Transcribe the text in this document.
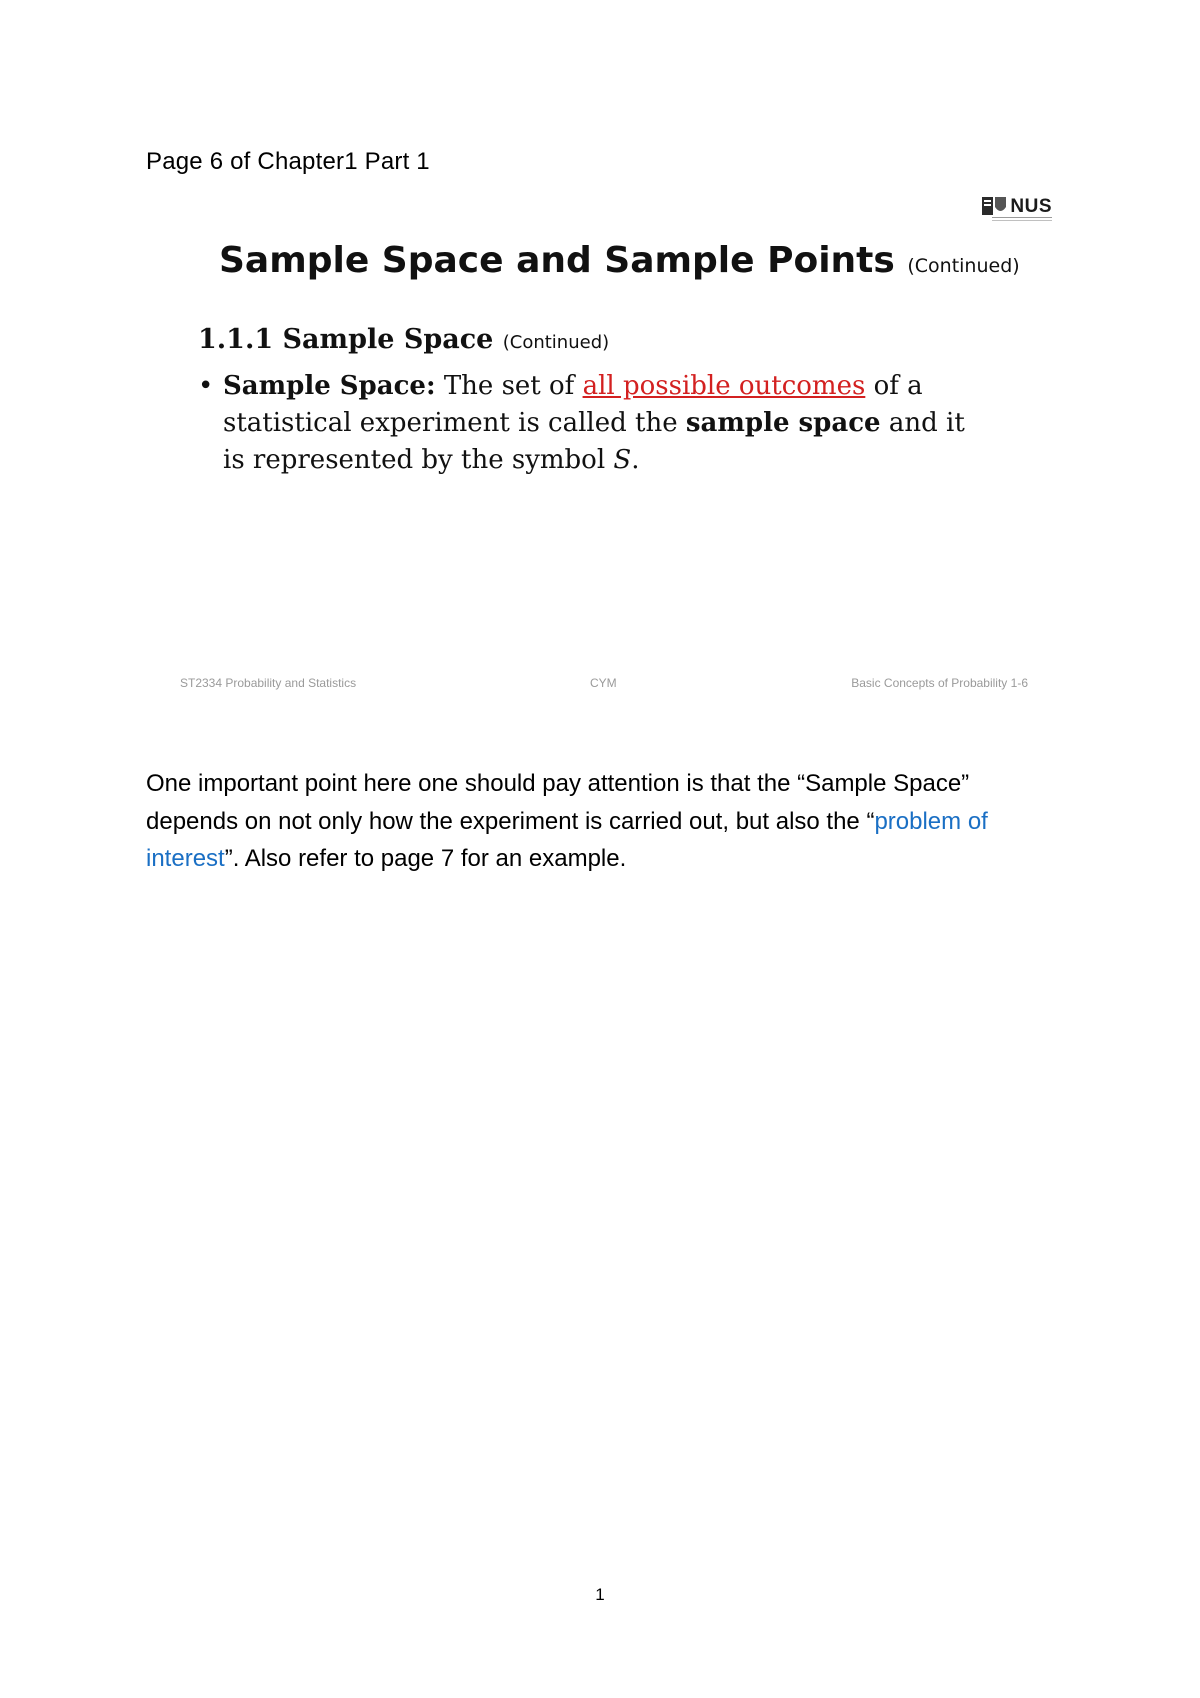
Page 6 of Chapter1 Part 1
NUS
Sample Space and Sample Points (Continued)
1.1.1 Sample Space (Continued)
• Sample Space: The set of all possible outcomes of a statistical experiment is called the sample space and it is represented by the symbol S.
ST2334 Probability and Statistics	CYM	Basic Concepts of Probability 1-6
One important point here one should pay attention is that the “Sample Space” depends on not only how the experiment is carried out, but also the “problem of interest”. Also refer to page 7 for an example.
1
